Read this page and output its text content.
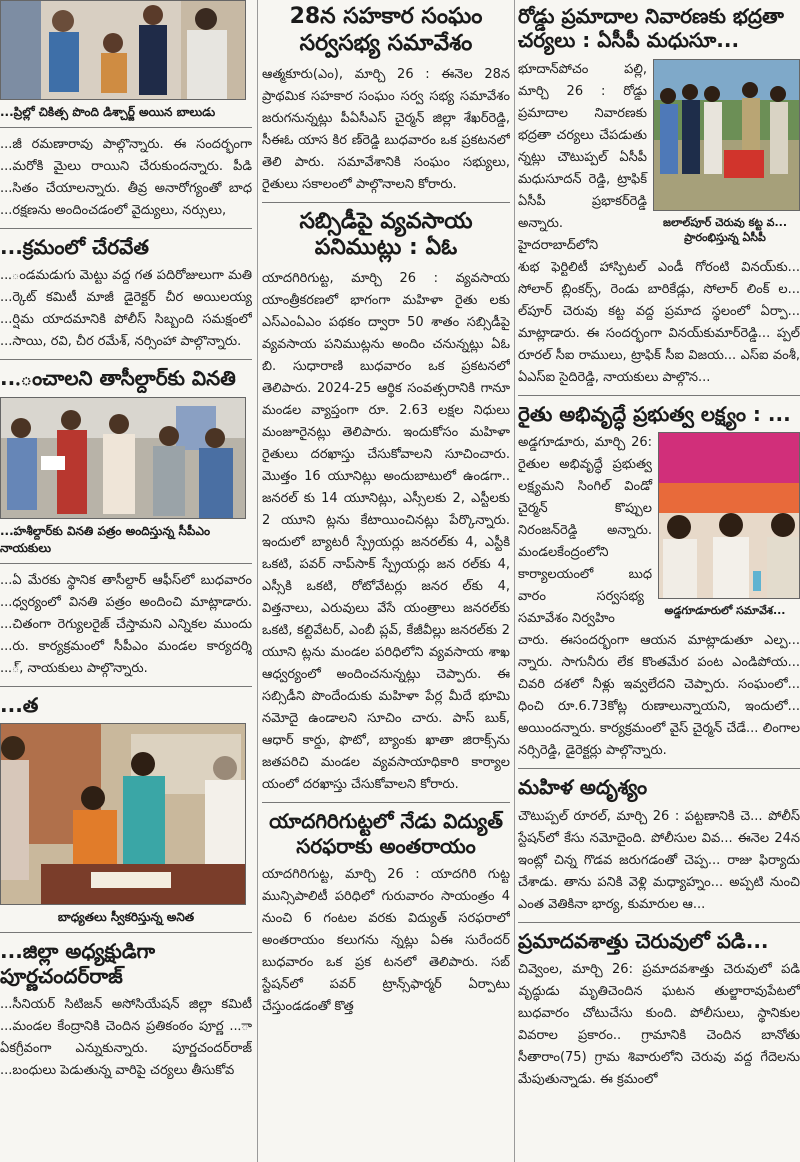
...ప్రిల్లో చికిత్స పొంది డిశ్చార్జ్ అయిన బాలుడు

...జీ రమణారావు పాల్గొన్నారు. ఈ సందర్భంగా ...మరోకి మైలు రాయిని చేరుకుందన్నారు. పీడి ...సితం చేయాలన్నారు. తీవ్ర అనారోగ్యంతో బాధ ...రక్షణను అందించడంలో వైద్యులు, నర్సులు,

...క్రమంలో చేరవేత

...ండమడుగు మెట్టు వద్ద గత పదిరోజులుగా మతి ...ర్కెట్ కమిటీ మాజీ డైరెక్టర్ చీర అయిలయ్య ...ర్షిమ యాదమానికి పోలీస్ సిబ్బంది సమక్షంలో ...సాయి, రవి, చీర రమేశ్, నర్సింహా పాల్గొన్నారు.

...ంచాలని తాసీల్దార్‌కు వినతి
...హశీల్దార్‌కు వినతి పత్రం అందిస్తున్న సీపీఎం నాయకులు

...ఏ మేరకు స్థానిక తాసీల్దార్ ఆఫీస్‌లో బుధవారం ...ధ్వర్యంలో వినతి పత్రం అందించి మాట్లాడారు. ...చితంగా రెగ్యులరైజ్ చేస్తామని ఎన్నికల ముందు ...రు. కార్యక్రమంలో సీపీఎం మండల కార్యదర్శి ...్, నాయకులు పాల్గొన్నారు.

...త
బాధ్యతలు స్వీకరిస్తున్న అనిత
...జిల్లా అధ్యక్షుడిగా పూర్ణచందర్‌రాజ్

...సీనియర్ సిటిజన్ అసోసియేషన్ జిల్లా కమిటీ ...మండల కేంద్రానికి చెందిన ప్రతికంఠం పూర్ణ ...ా ఏకగ్రీవంగా ఎన్నుకున్నారు. పూర్ణచందర్‌రాజ్ ...బంధులు పెడుతున్న వారిపై చర్యలు తీసుకోవ

28న సహకార సంఘం సర్వసభ్య సమావేశం

ఆత్మకూరు(ఎం), మార్చి 26 : ఈనెల 28న ప్రాథమిక సహకార సంఘం సర్వ సభ్య సమావేశం జరుగనున్నట్లు పీఏసీఎస్ చైర్మన్ జిల్లా శేఖర్‌రెడ్డి, సీఈఓ యాస కిర ణ్‌రెడ్డి బుధవారం ఒక ప్రకటనలో తెలి పారు. సమావేశానికి సంఘం సభ్యులు, రైతులు సకాలంలో పాల్గొనాలని కోరారు.

సబ్సిడీపై వ్యవసాయ పనిముట్లు : ఏఓ

యాదగిరిగుట్ట, మార్చి 26 : వ్యవసాయ యాంత్రీకరణలో భాగంగా మహిళా రైతు లకు ఎస్ఎంఏఎం పథకం ద్వారా 50 శాతం సబ్సిడీపై వ్యవసాయ పనిముట్లను అందిం చనున్నట్లు ఏఓ బి. సుధారాణి బుధవారం ఒక ప్రకటనలో తెలిపారు. 2024-25 ఆర్థిక సంవత్సరానికి గానూ మండల వ్యాప్తంగా రూ. 2.63 లక్షల నిధులు మంజూరైనట్లు తెలిపారు. ఇందుకోసం మహిళా రైతులు దరఖాస్తు చేసుకోవాలని సూచించారు. మొత్తం 16 యూనిట్లు అందుబాటులో ఉండగా.. జనరల్ కు 14 యూనిట్లు, ఎస్సీలకు 2, ఎస్టీలకు 2 యూని ట్లను కేటాయించినట్లు పేర్కొన్నారు. ఇందులో బ్యాటరీ స్ప్రేయర్లు జనరల్‌కు 4, ఎస్టీకి ఒకటి, పవర్ నాప్‌సాక్ స్ప్రేయర్లు జన రల్‌కు 4, ఎస్సీకి ఒకటి, రోటోవేటర్లు జనర ల్‌కు 4, విత్తనాలు, ఎరువులు వేసే యంత్రాలు జనరల్‌కు ఒకటి, కల్టివేటర్, ఎంబీ ప్లవ్, కేజీవీల్లు జనరల్‌కు 2 యూని ట్లను మండల పరిధిలోని వ్యవసాయ శాఖ ఆధ్వర్యంలో అందించనున్నట్లు చెప్పారు. ఈ సబ్సిడీని పొందేందుకు మహిళా పేర్ల మీదే భూమి నమోదై ఉండాలని సూచిం చారు. పాస్ బుక్, ఆధార్ కార్డు, ఫొటో, బ్యాంకు ఖాతా జిరాక్స్‌ను జతపరిచి మండల వ్యవసాయాధికారి కార్యాల యంలో దరఖాస్తు చేసుకోవాలని కోరారు.

యాదగిరిగుట్టలో నేడు విద్యుత్ సరఫరాకు అంతరాయం

యాదగిరిగుట్ట, మార్చి 26 : యాదగిరి గుట్ట మున్సిపాలిటీ పరిధిలో గురువారం సాయంత్రం 4 నుంచి 6 గంటల వరకు విద్యుత్ సరఫరాలో అంతరాయం కలుగను న్నట్లు ఏఈ సురేందర్ బుధవారం ఒక ప్రక టనలో తెలిపారు. సబ్ స్టేషన్‌లో పవర్ ట్రాన్స్‌ఫార్మర్ ఏర్పాటు చేస్తుండడంతో కొత్త

రోడ్డు ప్రమాదాల నివారణకు భద్రతా చర్యలు : ఏసీపీ మధుసూ...
జలాల్‌పూర్ చెరువు కట్ట వ... ప్రారంభిస్తున్న ఏసీపీ

భూదాన్‌పోచం పల్లి, మార్చి 26 : రోడ్డు ప్రమాదాల నివారణకు భద్రతా చర్యలు చేపడుతు న్నట్లు చౌటుప్పల్ ఏసీపీ మధుసూదన్ రెడ్డి, ట్రాఫిక్ ఏసీపీ ప్రభాకర్‌రెడ్డి అన్నారు. హైదరాబాద్‌లోని

శుభ ఫెర్టిలిటీ హాస్పిటల్ ఎండీ గోరంటి వినయ్‌కు... సోలార్ బ్లింకర్స్, రెండు బారికేడ్లు, సోలార్ లింక్ ల... ల్‌పూర్ చెరువు కట్ట వద్ద ప్రమాద స్థలంలో ఏర్పా... మాట్లాడారు. ఈ సందర్భంగా వినయ్‌కుమార్‌రెడ్డి... ప్పల్ రూరల్ సీఐ రాములు, ట్రాఫిక్ సీఐ విజయ... ఎస్ఐ వంశీ, ఏఎస్ఐ సైదిరెడ్డి, నాయకులు పాల్గొన...

రైతు అభివృద్ధే ప్రభుత్వ లక్ష్యం : ...
అడ్డగూడూరులో సమావేశ...

అడ్డగూడూరు, మార్చి 26: రైతుల అభివృద్ధే ప్రభుత్వ లక్ష్యమని సింగిల్ విండో చైర్మన్ కొప్పుల నిరంజన్‌రెడ్డి అన్నారు. మండలకేంద్రంలోని కార్యాలయంలో బుధ వారం సర్వసభ్య సమావేశం నిర్వహిం

చారు. ఈసందర్భంగా ఆయన మాట్లాడుతూ ఎల్ప... న్నారు. సాగునీరు లేక కొంతమేర పంట ఎండిపోయ... చివరి దశలో నీళ్లు ఇవ్వలేదని చెప్పారు. సంఘంలో... ధించి రూ.6.73కోట్ల రుణాలున్నాయని, ఇందులో... అయిందన్నారు. కార్యక్రమంలో వైస్ చైర్మన్ చేడే... లింగాల నర్సిరెడ్డి, డైరెక్టర్లు పాల్గొన్నారు.

మహిళ అదృశ్యం

చౌటుప్పల్ రూరల్, మార్చి 26 : పట్టణానికి చె... పోలీస్ స్టేషన్‌లో కేసు నమోదైంది. పోలీసుల వివ... ఈనెల 24న ఇంట్లో చిన్న గొడవ జరుగడంతో చెప్ప... రాజు ఫిర్యాదు చేశాడు. తాను పనికి వెళ్లి మధ్యాహ్నం... అప్పటి నుంచి ఎంత వెతికినా భార్య, కుమారుల ఆ...

ప్రమాదవశాత్తు చెరువులో పడి...

చివ్వెంల, మార్చి 26: ప్రమాదవశాత్తు చెరువులో పడి వృద్ధుడు మృతిచెందిన ఘటన తుల్జారావుపేటలో బుధవారం చోటుచేసు కుంది. పోలీసులు, స్థానికుల వివరాల ప్రకారం.. గ్రామానికి చెందిన బానోతు సీతారాం(75) గ్రామ శివారులోని చెరువు వద్ద గేదెలను మేపుతున్నాడు. ఈ క్రమంలో
